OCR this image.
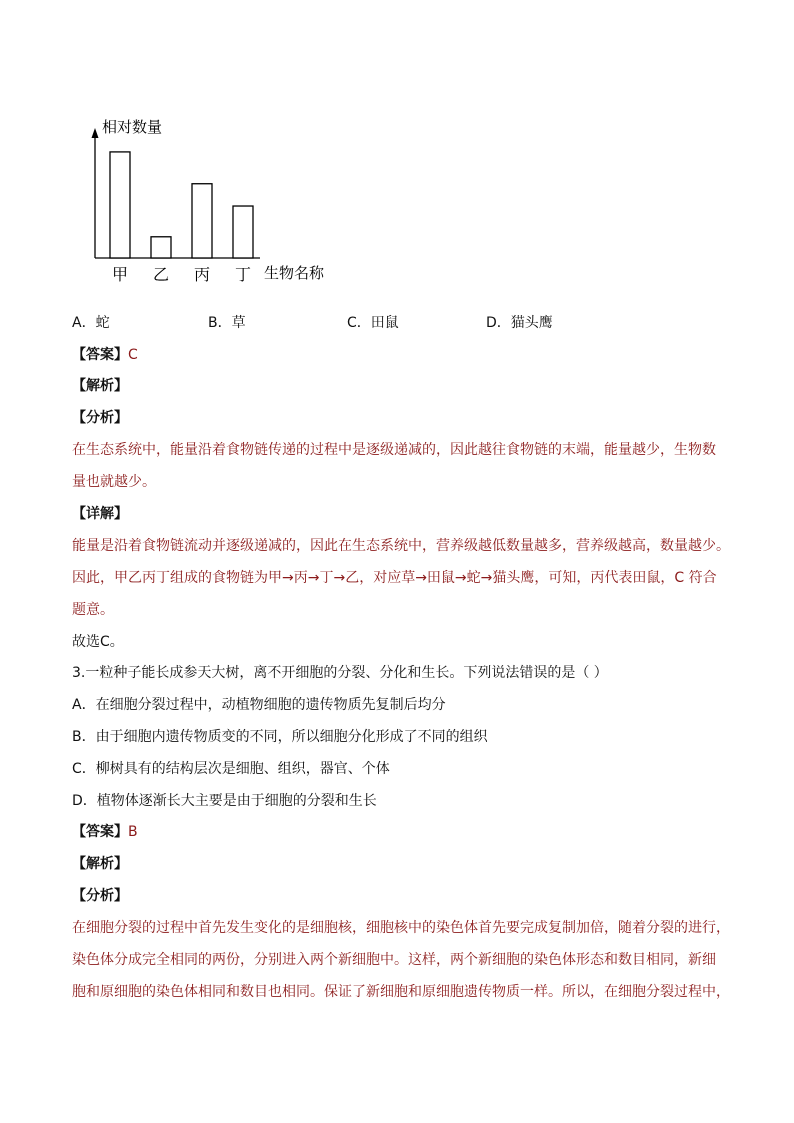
相对数量
生物名称
甲 乙 丙 丁
A．蛇	B．草	C．田鼠	D．猫头鹰
【答案】C
【解析】
【分析】
在生态系统中，能量沿着食物链传递的过程中是逐级递减的，因此越往食物链的末端，能量越少，生物数
量也就越少。
【详解】
能量是沿着食物链流动并逐级递减的，因此在生态系统中，营养级越低数量越多，营养级越高，数量越少。
因此，甲乙丙丁组成的食物链为甲→丙→丁→乙，对应草→田鼠→蛇→猫头鹰，可知，丙代表田鼠，C 符合
题意。
故选C。
3.一粒种子能长成参天大树，离不开细胞的分裂、分化和生长。下列说法错误的是（ ）
A．在细胞分裂过程中，动植物细胞的遗传物质先复制后均分
B．由于细胞内遗传物质变的不同，所以细胞分化形成了不同的组织
C．柳树具有的结构层次是细胞、组织，器官、个体
D．植物体逐渐长大主要是由于细胞的分裂和生长
【答案】B
【解析】
【分析】
在细胞分裂的过程中首先发生变化的是细胞核，细胞核中的染色体首先要完成复制加倍，随着分裂的进行，
染色体分成完全相同的两份，分别进入两个新细胞中。这样，两个新细胞的染色体形态和数目相同，新细
胞和原细胞的染色体相同和数目也相同。保证了新细胞和原细胞遗传物质一样。所以，在细胞分裂过程中，
